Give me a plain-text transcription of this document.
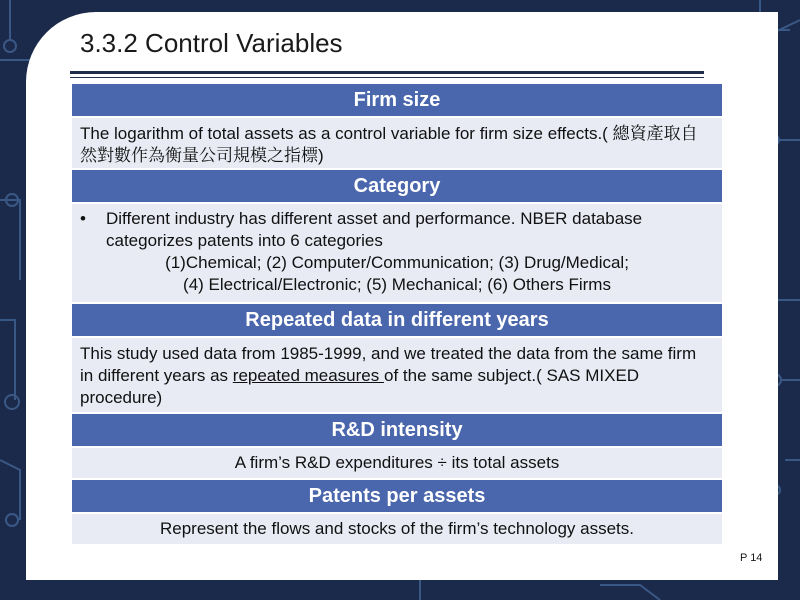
3.3.2 Control Variables
Firm size
The logarithm of total assets as a control variable for firm size effects.( 總資產取自然對數作為衡量公司規模之指標)
Category
•	Different industry has different asset and performance. NBER database categorizes patents into 6 categories
(1)Chemical; (2) Computer/Communication; (3) Drug/Medical;
(4) Electrical/Electronic; (5) Mechanical; (6) Others Firms
Repeated data in different years
This study used data from 1985-1999, and we treated the data from the same firm in different years as repeated measures of the same subject.( SAS MIXED procedure)
R&D intensity
A firm’s R&D expenditures ÷ its total assets
Patents per assets
Represent the flows and stocks of the firm’s technology assets.
P 14
